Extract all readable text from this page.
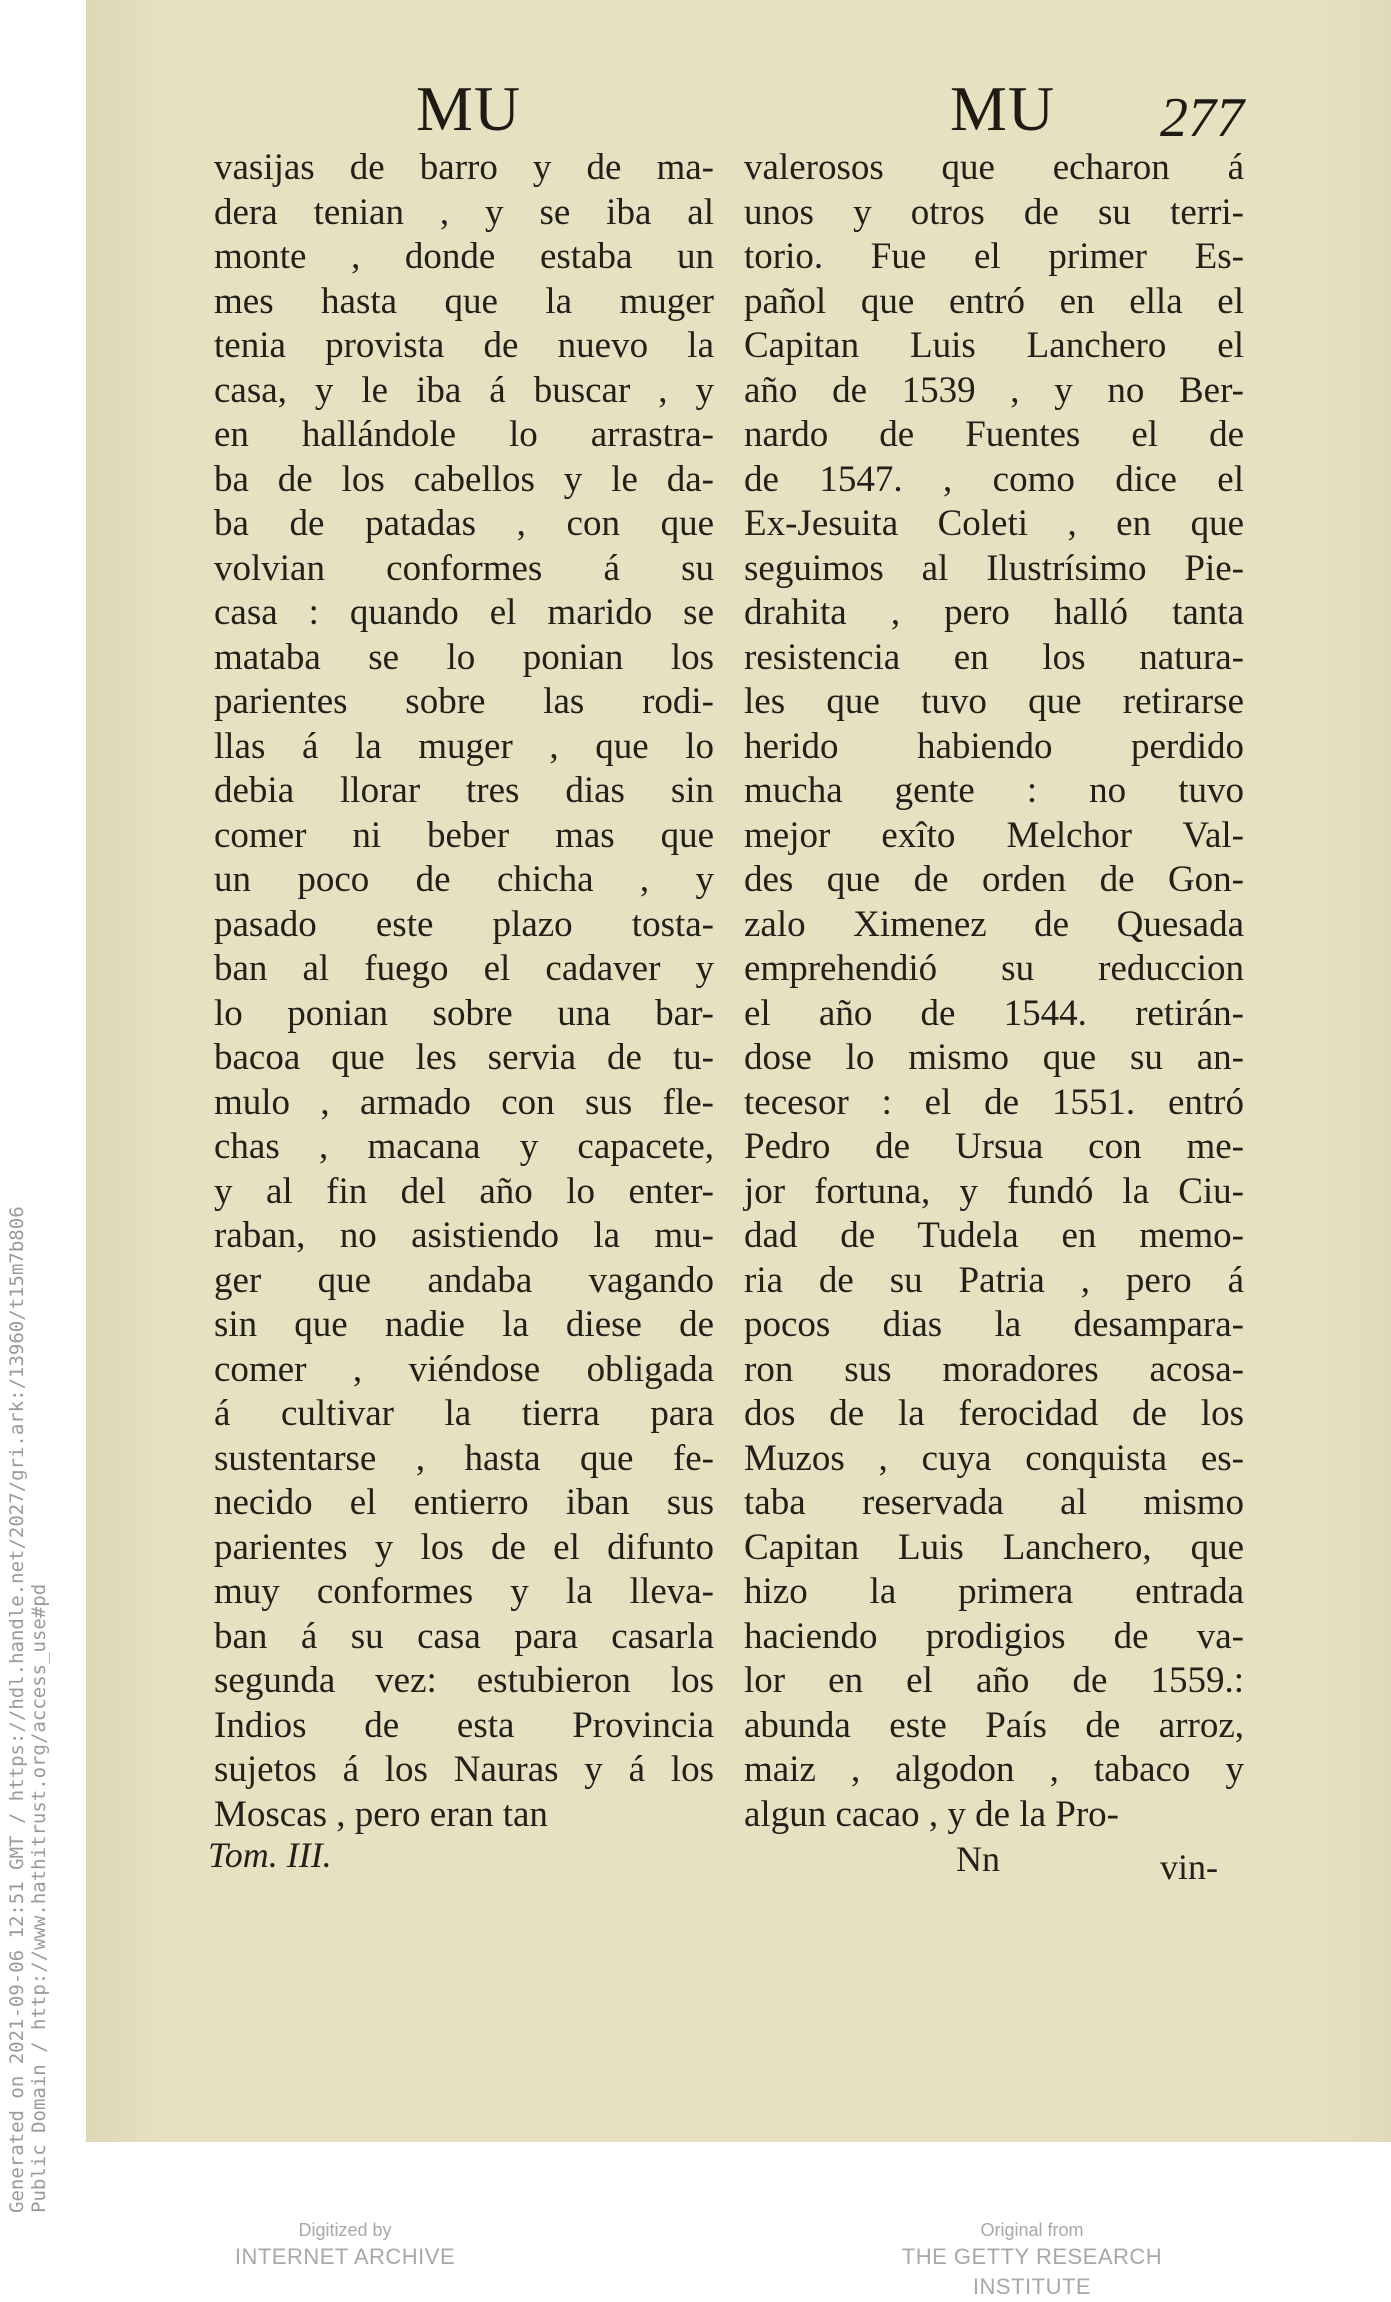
Generated on 2021-09-06 12:51 GMT / https://hdl.handle.net/2027/gri.ark:/13960/t15m7b806 Public Domain / http://www.hathitrust.org/access_use#pd
MU	MU 277
vasijas de barro y de ma-
dera tenian , y se iba al
monte , donde estaba un
mes hasta que la muger
tenia provista de nuevo la
casa, y le iba á buscar , y
en hallándole lo arrastra-
ba de los cabellos y le da-
ba de patadas , con que
volvian conformes á su
casa : quando el marido se
mataba se lo ponian los
parientes sobre las rodi-
llas á la muger , que lo
debia llorar tres dias sin
comer ni beber mas que
un poco de chicha , y
pasado este plazo tosta-
ban al fuego el cadaver y
lo ponian sobre una bar-
bacoa que les servia de tu-
mulo , armado con sus fle-
chas , macana y capacete,
y al fin del año lo enter-
raban, no asistiendo la mu-
ger que andaba vagando
sin que nadie la diese de
comer , viéndose obligada
á cultivar la tierra para
sustentarse , hasta que fe-
necido el entierro iban sus
parientes y los de el difunto
muy conformes y la lleva-
ban á su casa para casarla
segunda vez: estubieron los
Indios de esta Provincia
sujetos á los Nauras y á los
Moscas , pero eran tan
valerosos que echaron á
unos y otros de su terri-
torio. Fue el primer Es-
pañol que entró en ella el
Capitan Luis Lanchero el
año de 1539 , y no Ber-
nardo de Fuentes el de
de 1547. , como dice el
Ex-Jesuita Coleti , en que
seguimos al Ilustrísimo Pie-
drahita , pero halló tanta
resistencia en los natura-
les que tuvo que retirarse
herido habiendo perdido
mucha gente : no tuvo
mejor exîto Melchor Val-
des que de orden de Gon-
zalo Ximenez de Quesada
emprehendió su reduccion
el año de 1544. retirán-
dose lo mismo que su an-
tecesor : el de 1551. entró
Pedro de Ursua con me-
jor fortuna, y fundó la Ciu-
dad de Tudela en memo-
ria de su Patria , pero á
pocos dias la desampara-
ron sus moradores acosa-
dos de la ferocidad de los
Muzos , cuya conquista es-
taba reservada al mismo
Capitan Luis Lanchero, que
hizo la primera entrada
haciendo prodigios de va-
lor en el año de 1559.:
abunda este País de arroz,
maiz , algodon , tabaco y
algun cacao , y de la Pro-
Tom. III.	Nn	vin-
Digitized by
INTERNET ARCHIVE
Original from
THE GETTY RESEARCH INSTITUTE
